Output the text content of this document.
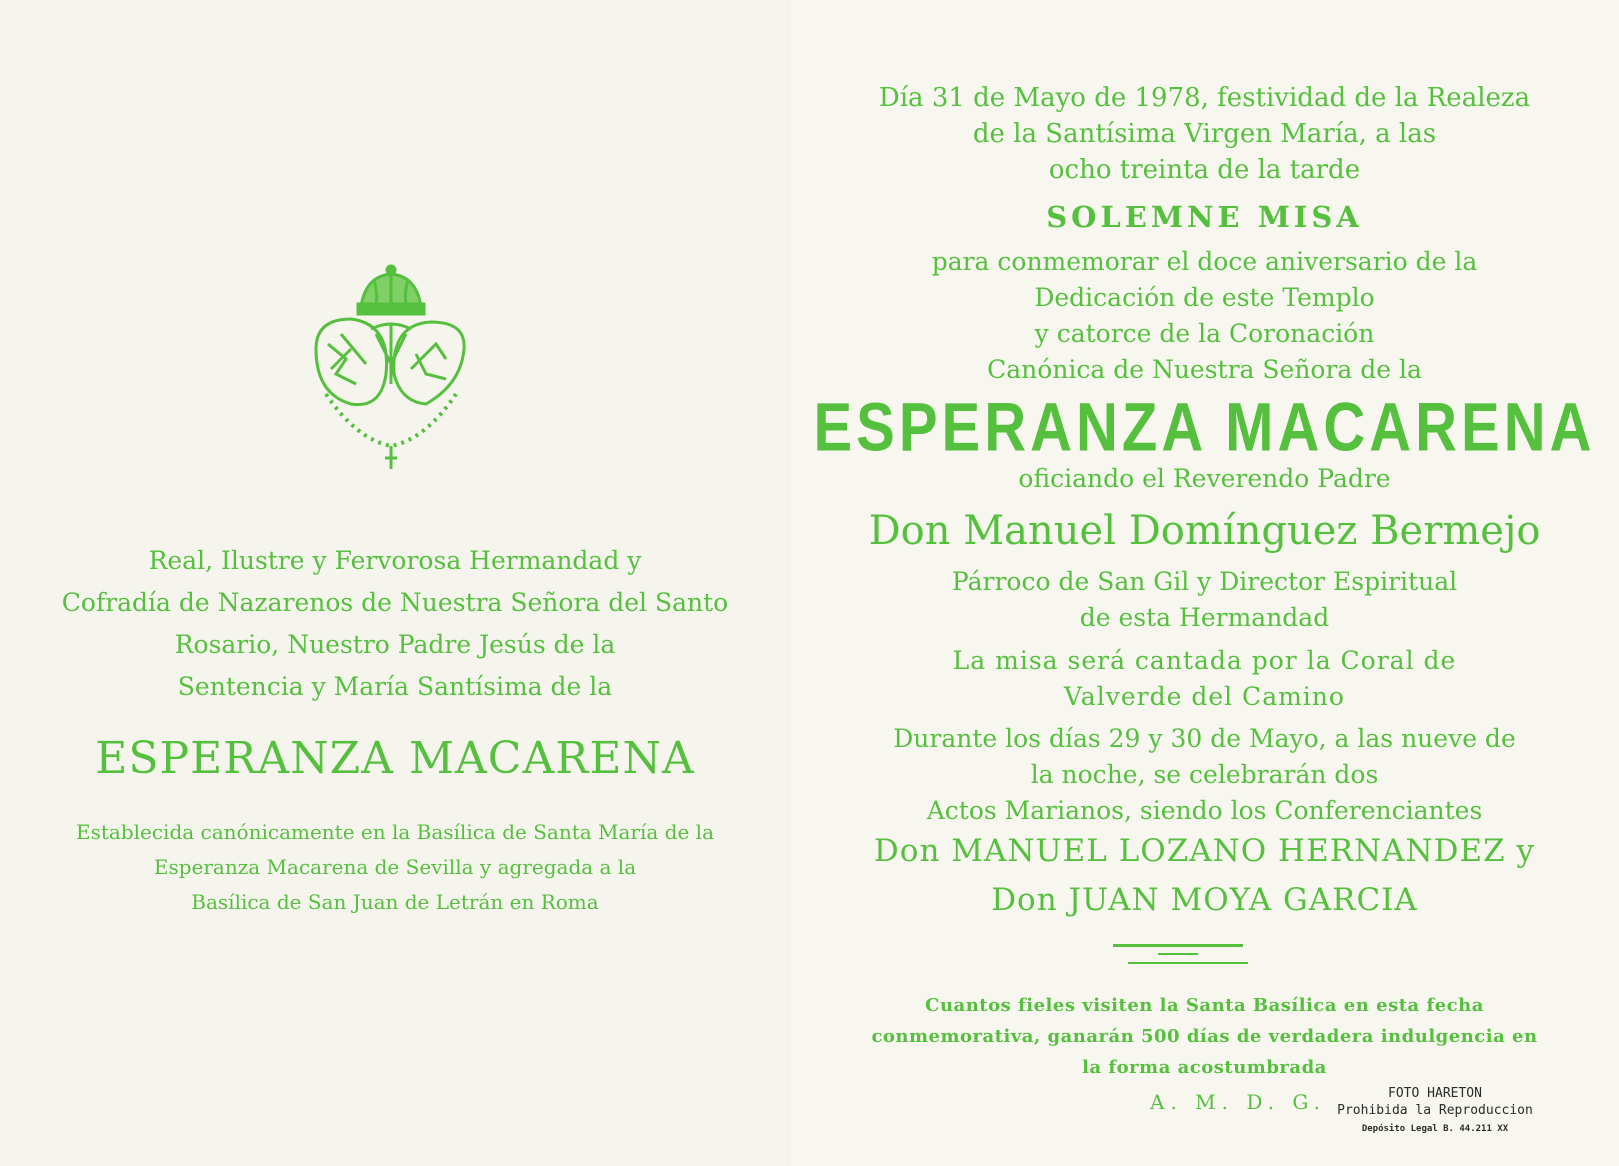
Real, Ilustre y Fervorosa Hermandad y
Cofradía de Nazarenos de Nuestra Señora del Santo
Rosario, Nuestro Padre Jesús de la
Sentencia y María Santísima de la
ESPERANZA MACARENA
Establecida canónicamente en la Basílica de Santa María de la
Esperanza Macarena de Sevilla y agregada a la
Basílica de San Juan de Letrán en Roma
Día 31 de Mayo de 1978, festividad de la Realeza
de la Santísima Virgen María, a las
ocho treinta de la tarde
SOLEMNE MISA
para conmemorar el doce aniversario de la
Dedicación de este Templo
y catorce de la Coronación
Canónica de Nuestra Señora de la
ESPERANZA MACARENA
oficiando el Reverendo Padre
Don Manuel Domínguez Bermejo
Párroco de San Gil y Director Espiritual
de esta Hermandad
La misa será cantada por la Coral de
Valverde del Camino
Durante los días 29 y 30 de Mayo, a las nueve de
la noche, se celebrarán dos
Actos Marianos, siendo los Conferenciantes
Don MANUEL LOZANO HERNANDEZ y
Don JUAN MOYA GARCIA
Cuantos fieles visiten la Santa Basílica en esta fecha
conmemorativa, ganarán 500 días de verdadera indulgencia en
la forma acostumbrada
A. M. D. G.	FOTO HARETON
Prohibida la Reproduccion
Depósito Legal B. 44.211 XX
